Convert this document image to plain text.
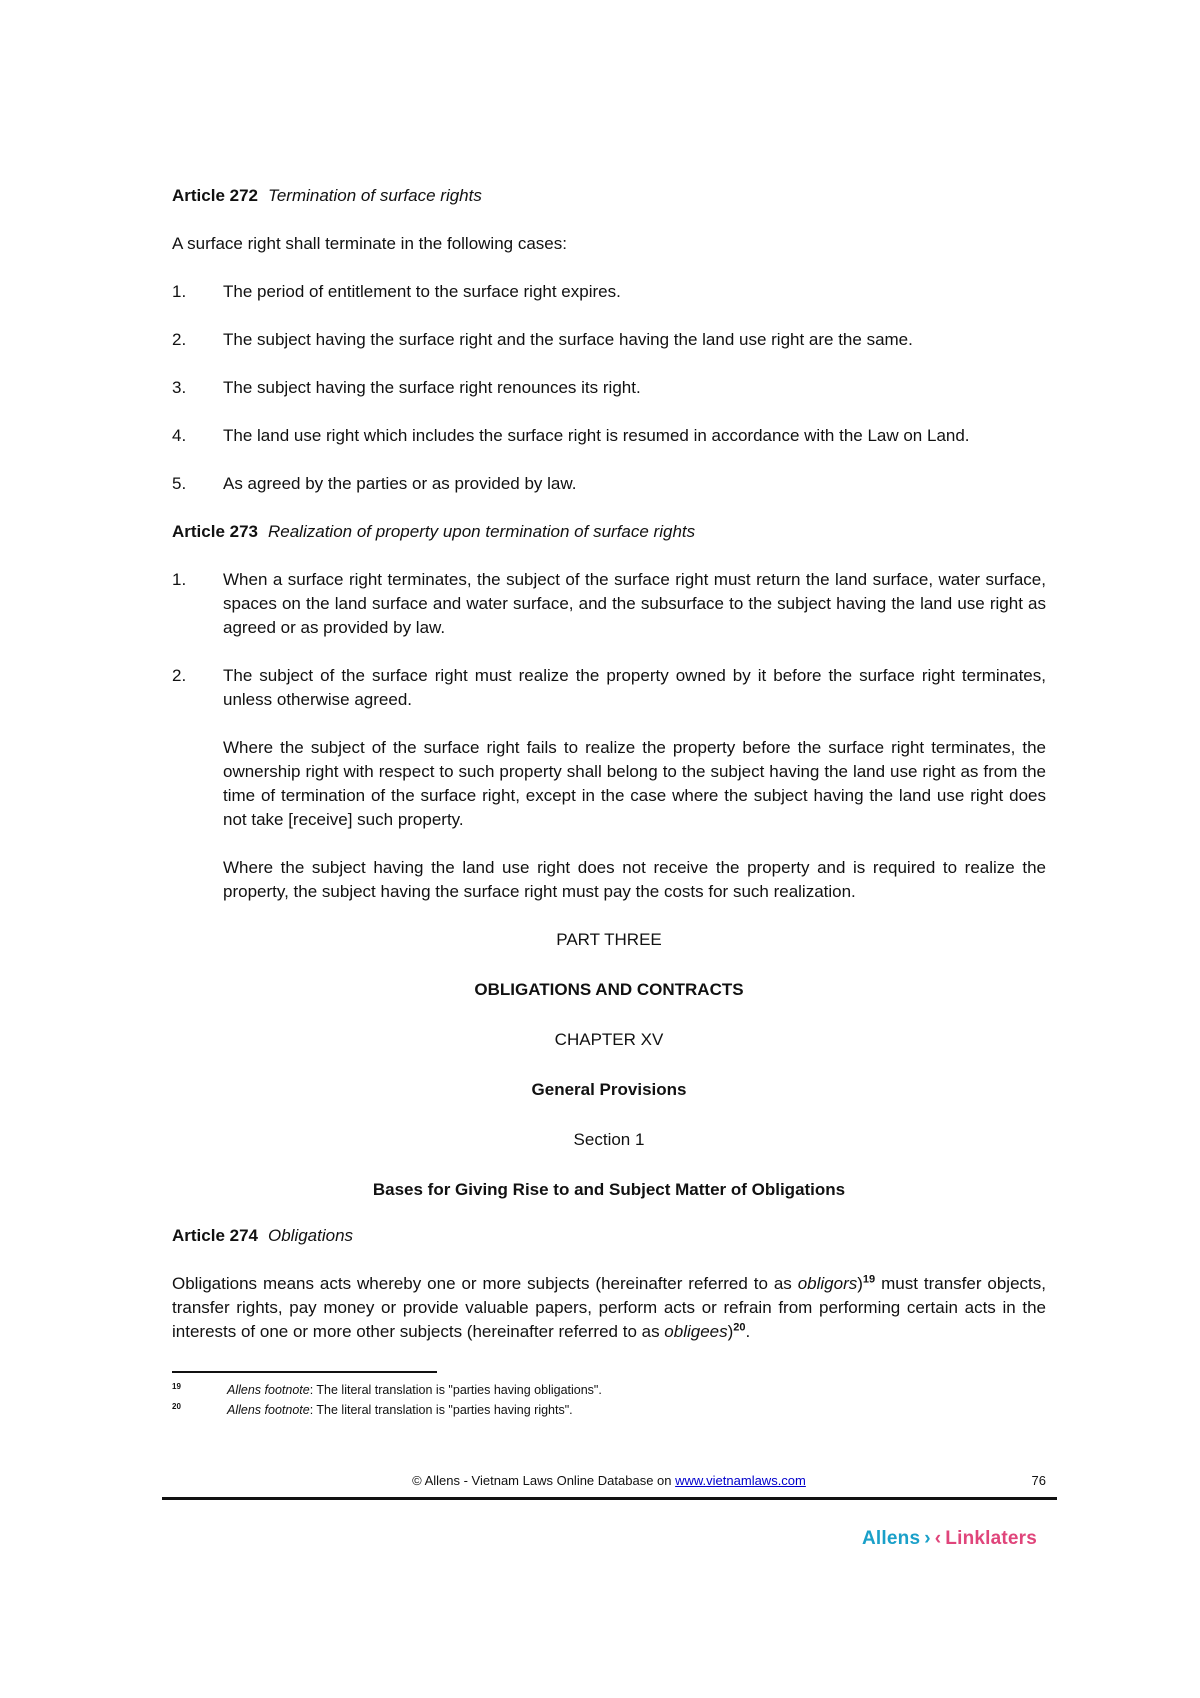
Article 272 Termination of surface rights

A surface right shall terminate in the following cases:

1. The period of entitlement to the surface right expires.
2. The subject having the surface right and the surface having the land use right are the same.
3. The subject having the surface right renounces its right.
4. The land use right which includes the surface right is resumed in accordance with the Law on Land.
5. As agreed by the parties or as provided by law.
Article 273 Realization of property upon termination of surface rights
1. When a surface right terminates, the subject of the surface right must return the land surface, water surface, spaces on the land surface and water surface, and the subsurface to the subject having the land use right as agreed or as provided by law.
2. The subject of the surface right must realize the property owned by it before the surface right terminates, unless otherwise agreed.

Where the subject of the surface right fails to realize the property before the surface right terminates, the ownership right with respect to such property shall belong to the subject having the land use right as from the time of termination of the surface right, except in the case where the subject having the land use right does not take [receive] such property.

Where the subject having the land use right does not receive the property and is required to realize the property, the subject having the surface right must pay the costs for such realization.

PART THREE
OBLIGATIONS AND CONTRACTS
CHAPTER XV
General Provisions
Section 1
Bases for Giving Rise to and Subject Matter of Obligations
Article 274 Obligations

Obligations means acts whereby one or more subjects (hereinafter referred to as obligors)$^{19}$ must transfer objects, transfer rights, pay money or provide valuable papers, perform acts or refrain from performing certain acts in the interests of one or more other subjects (hereinafter referred to as obligees)$^{20}$.

19	Allens footnote: The literal translation is "parties having obligations".
20	Allens footnote: The literal translation is "parties having rights".
© Allens - Vietnam Laws Online Database on www.vietnamlaws.com	76
Allens › ‹ Linklaters
